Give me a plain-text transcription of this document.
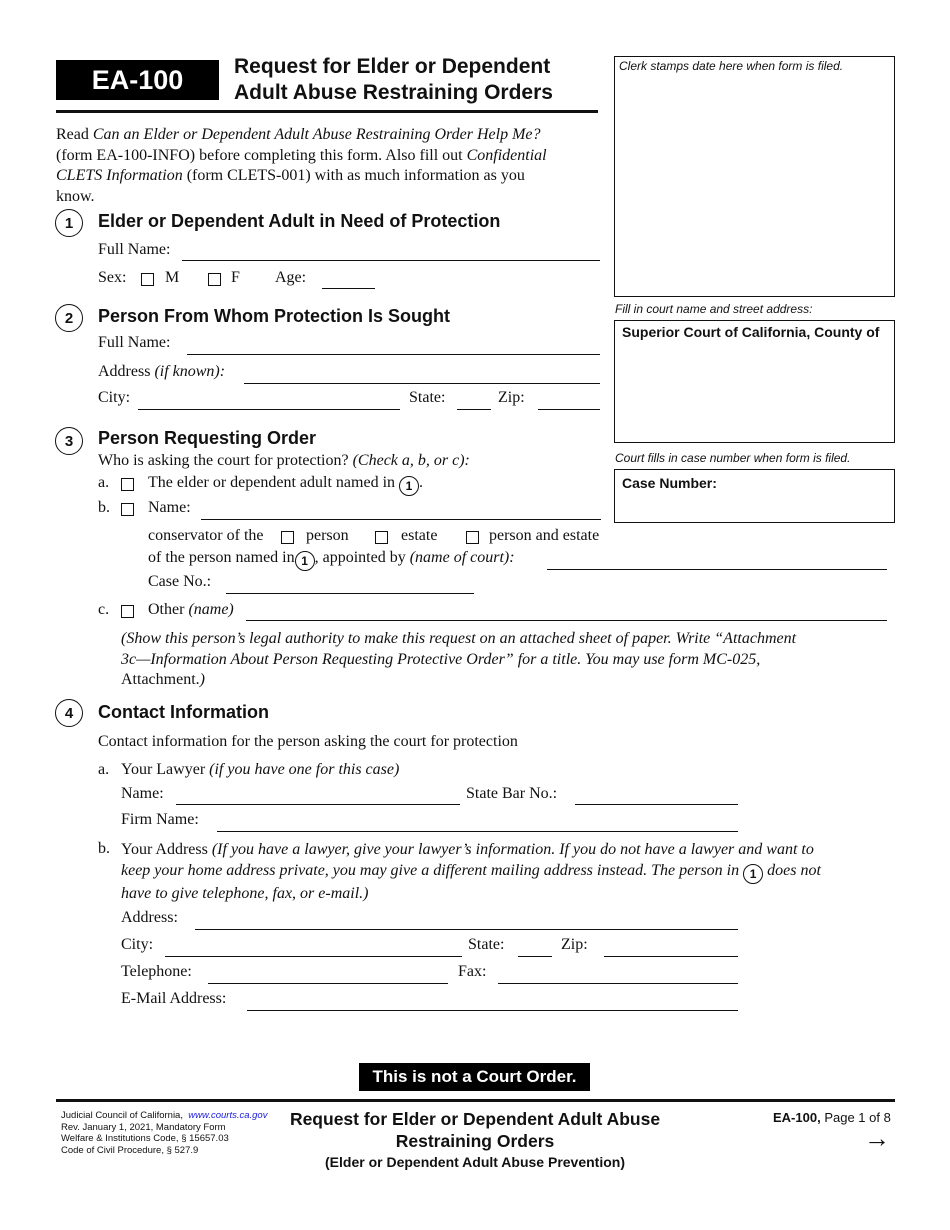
EA-100 Request for Elder or Dependent
Adult Abuse Restraining Orders
Clerk stamps date here when form is filed.
Fill in court name and street address:
Superior Court of California, County of
Court fills in case number when form is filed.
Case Number:
Read Can an Elder or Dependent Adult Abuse Restraining Order Help Me?
(form EA-100-INFO) before completing this form. Also fill out Confidential
CLETS Information (form CLETS-001) with as much information as you
know.
1	Elder or Dependent Adult in Need of Protection
Full Name:
Sex: M	F Age:
2	Person From Whom Protection Is Sought
Full Name:
Address (if known):
City:	State:	Zip:
3	Person Requesting Order
Who is asking the court for protection? (Check a, b, or c):
a. The elder or dependent adult named in 1 .
b. Name:
conservator of the	person	estate	person and estate
of the person named in 1 , appointed by (name of court):
Case No.:
c. Other (name)
(Show this person’s legal authority to make this request on an attached sheet of paper. Write “Attachment
3c—Information About Person Requesting Protective Order” for a title. You may use form MC-025,
Attachment.)
4	Contact Information
Contact information for the person asking the court for protection
a. Your Lawyer (if you have one for this case)
Name:	State Bar No.:
Firm Name:
b. Your Address (If you have a lawyer, give your lawyer’s information. If you do not have a lawyer and want to
keep your home address private, you may give a different mailing address instead. The person in 1 does not
have to give telephone, fax, or e-mail.)
Address:
City:	State:	Zip:
Telephone:	Fax:
E-Mail Address:
This is not a Court Order.
Judicial Council of California, www.courts.ca.gov
Rev. January 1, 2021, Mandatory Form
Welfare & Institutions Code, § 15657.03
Code of Civil Procedure, § 527.9
Request for Elder or Dependent Adult Abuse
Restraining Orders
(Elder or Dependent Adult Abuse Prevention)
EA-100, Page 1 of 8
→
